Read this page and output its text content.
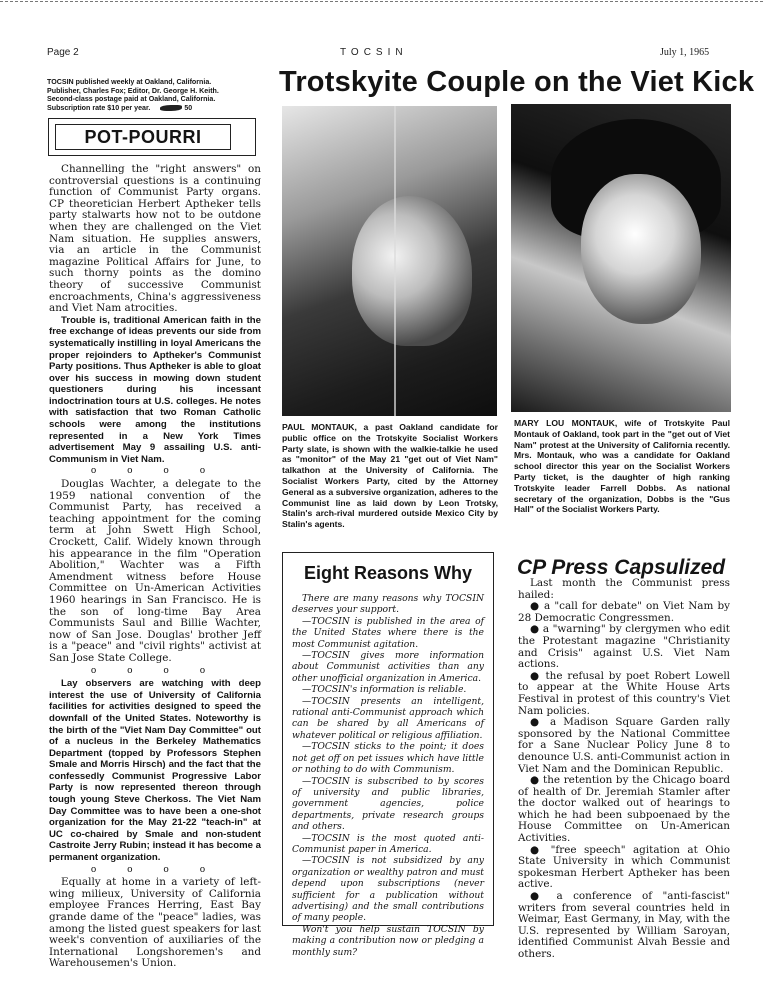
Page 2	TOCSIN	July 1, 1965
TOCSIN published weekly at Oakland, California.
Publisher, Charles Fox; Editor, Dr. George H. Keith.
Second-class postage paid at Oakland, California.
Subscription rate $10 per year.	50
POT-POURRI

Channelling the "right answers" on controversial questions is a continuing function of Communist Party organs. CP theoretician Herbert Aptheker tells party stalwarts how not to be outdone when they are challenged on the Viet Nam situation. He supplies answers, via an article in the Communist magazine Political Affairs for June, to such thorny points as the domino theory of successive Communist encroachments, China's aggressiveness and Viet Nam atrocities.

Trouble is, traditional American faith in the free exchange of ideas prevents our side from systematically instilling in loyal Americans the proper rejoinders to Aptheker's Communist Party positions. Thus Aptheker is able to gloat over his success in mowing down student questioners during his incessant indoctrination tours at U.S. colleges. He notes with satisfaction that two Roman Catholic schools were among the institutions represented in a New York Times advertisement May 9 assailing U.S. anti-Communism in Viet Nam.

o o o o

Douglas Wachter, a delegate to the 1959 national convention of the Communist Party, has received a teaching appointment for the coming term at John Swett High School, Crockett, Calif. Widely known through his appearance in the film "Operation Abolition," Wachter was a Fifth Amendment witness before House Committee on Un-American Activities 1960 hearings in San Francisco. He is the son of long-time Bay Area Communists Saul and Billie Wachter, now of San Jose. Douglas' brother Jeff is a "peace" and "civil rights" activist at San Jose State College.

o o o o

Lay observers are watching with deep interest the use of University of California facilities for activities designed to speed the downfall of the United States. Noteworthy is the birth of the "Viet Nam Day Committee" out of a nucleus in the Berkeley Mathematics Department (topped by Professors Stephen Smale and Morris Hirsch) and the fact that the confessedly Communist Progressive Labor Party is now represented thereon through tough young Steve Cherkoss. The Viet Nam Day Committee was to have been a one-shot organization for the May 21-22 "teach-in" at UC co-chaired by Smale and non-student Castroite Jerry Rubin; instead it has become a permanent organization.

o o o o

Equally at home in a variety of left-wing milieux, University of California employee Frances Herring, East Bay grande dame of the "peace" ladies, was among the listed guest speakers for last week's convention of auxiliaries of the International Longshoremen's and Warehousemen's Union.

Trotskyite Couple on the Viet Kick
PAUL MONTAUK, a past Oakland candidate for public office on the Trotskyite Socialist Workers Party slate, is shown with the walkie-talkie he used as "monitor" of the May 21 "get out of Viet Nam" talkathon at the University of California. The Socialist Workers Party, cited by the Attorney General as a subversive organization, adheres to the Communist line as laid down by Leon Trotsky, Stalin's arch-rival murdered outside Mexico City by Stalin's agents.
MARY LOU MONTAUK, wife of Trotskyite Paul Montauk of Oakland, took part in the "get out of Viet Nam" protest at the University of California recently. Mrs. Montauk, who was a candidate for Oakland school director this year on the Socialist Workers Party ticket, is the daughter of high ranking Trotskyite leader Farrell Dobbs. As national secretary of the organization, Dobbs is the "Gus Hall" of the Socialist Workers Party.
Eight Reasons Why

There are many reasons why TOCSIN deserves your support.

—TOCSIN is published in the area of the United States where there is the most Communist agitation.

—TOCSIN gives more information about Communist activities than any other unofficial organization in America.

—TOCSIN's information is reliable.

—TOCSIN presents an intelligent, rational anti-Communist approach which can be shared by all Americans of whatever political or religious affiliation.

—TOCSIN sticks to the point; it does not get off on pet issues which have little or nothing to do with Communism.

—TOCSIN is subscribed to by scores of university and public libraries, government agencies, police departments, private research groups and others.

—TOCSIN is the most quoted anti-Communist paper in America.

—TOCSIN is not subsidized by any organization or wealthy patron and must depend upon subscriptions (never sufficient for a publication without advertising) and the small contributions of many people.

Won't you help sustain TOCSIN by making a contribution now or pledging a monthly sum?

CP Press Capsulized

Last month the Communist press hailed:

● a "call for debate" on Viet Nam by 28 Democratic Congressmen.

● a "warning" by clergymen who edit the Protestant magazine "Christianity and Crisis" against U.S. Viet Nam actions.

● the refusal by poet Robert Lowell to appear at the White House Arts Festival in protest of this country's Viet Nam policies.

● a Madison Square Garden rally sponsored by the National Committee for a Sane Nuclear Policy June 8 to denounce U.S. anti-Communist action in Viet Nam and the Dominican Republic.

● the retention by the Chicago board of health of Dr. Jeremiah Stamler after the doctor walked out of hearings to which he had been subpoenaed by the House Committee on Un-American Activities.

● "free speech" agitation at Ohio State University in which Communist spokesman Herbert Aptheker has been active.

● a conference of "anti-fascist" writers from several countries held in Weimar, East Germany, in May, with the U.S. represented by William Saroyan, identified Communist Alvah Bessie and others.
